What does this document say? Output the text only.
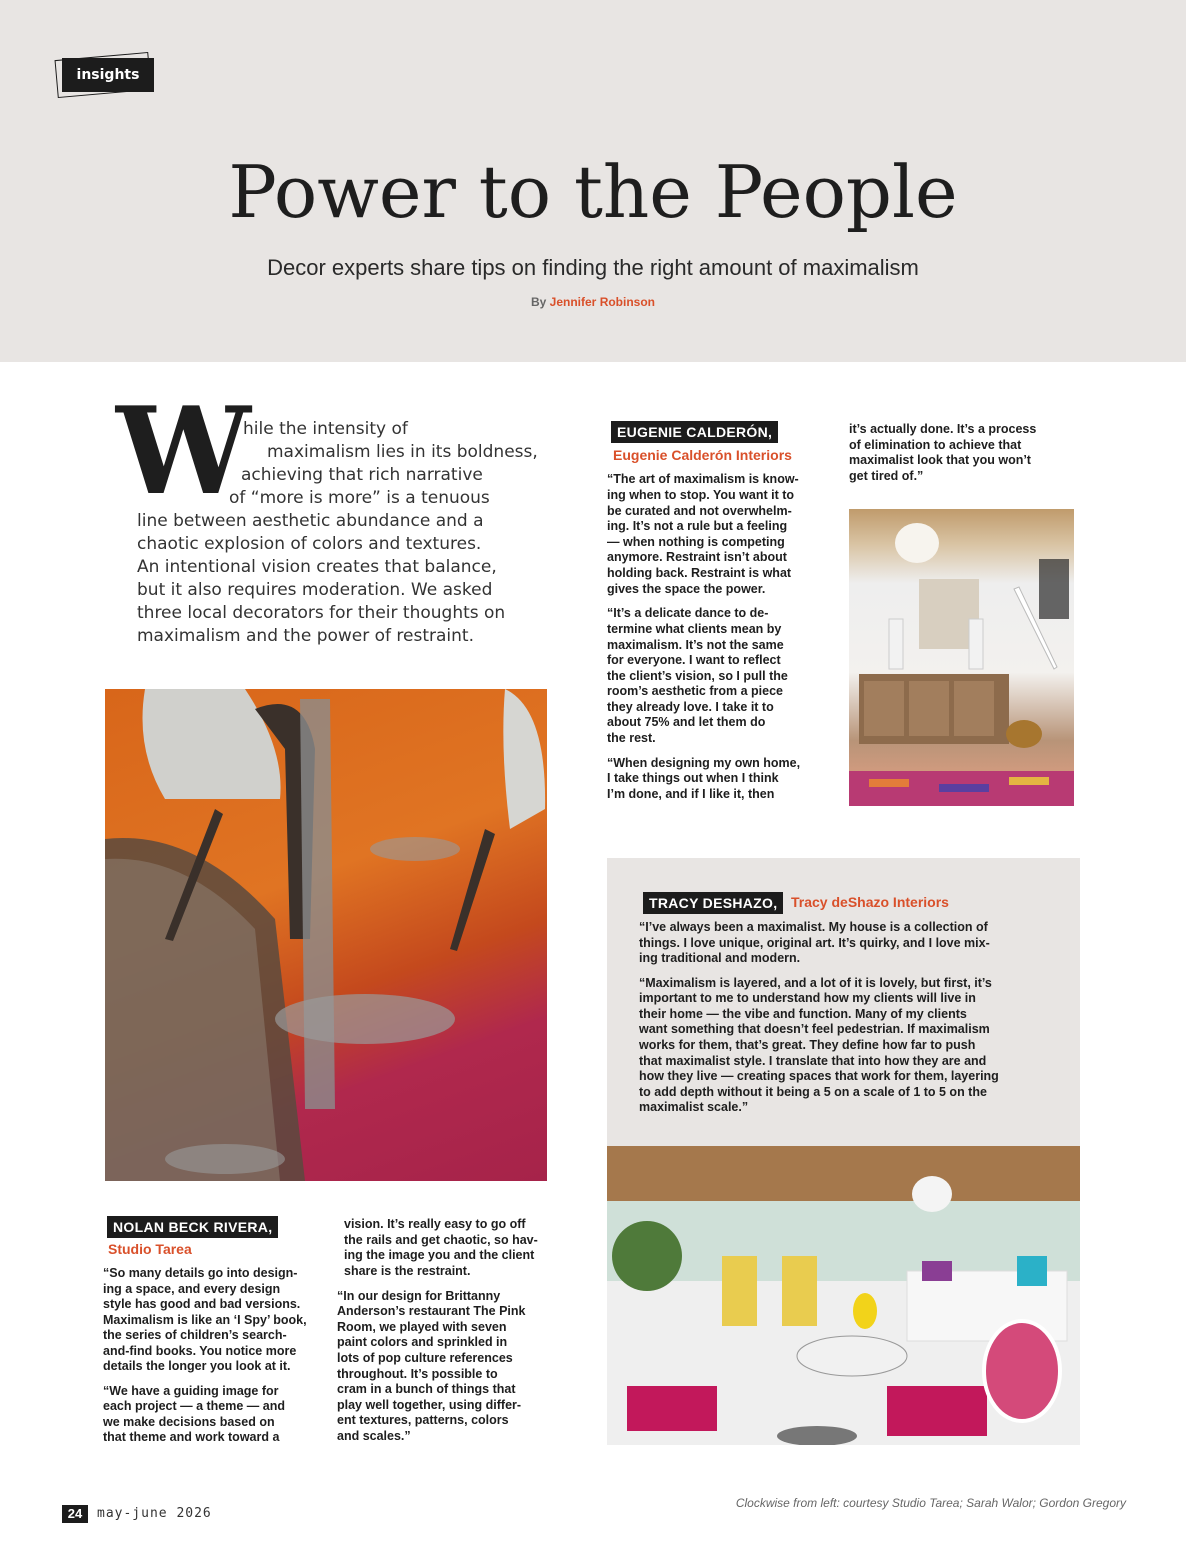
insights
Power to the People

Decor experts share tips on finding the right amount of maximalism

By Jennifer Robinson
W
hile the intensity of
maximalism lies in its boldness,
achieving that rich narrative
of “more is more” is a tenuous
line between aesthetic abundance and a
chaotic explosion of colors and textures.
An intentional vision creates that balance,
but it also requires moderation. We asked
three local decorators for their thoughts on
maximalism and the power of restraint.
EUGENIE CALDERÓN,
Eugenie Calderón Interiors
“The art of maximalism is know-
ing when to stop. You want it to
be curated and not overwhelm-
ing. It’s not a rule but a feeling
— when nothing is competing
anymore. Restraint isn’t about
holding back. Restraint is what
gives the space the power.
“It’s a delicate dance to de-
termine what clients mean by
maximalism. It’s not the same
for everyone. I want to reflect
the client’s vision, so I pull the
room’s aesthetic from a piece
they already love. I take it to
about 75% and let them do
the rest.
“When designing my own home,
I take things out when I think
I’m done, and if I like it, then
it’s actually done. It’s a process
of elimination to achieve that
maximalist look that you won’t
get tired of.”
TRACY DESHAZO, Tracy deShazo Interiors
“I’ve always been a maximalist. My house is a collection of
things. I love unique, original art. It’s quirky, and I love mix-
ing traditional and modern.
“Maximalism is layered, and a lot of it is lovely, but first, it’s
important to me to understand how my clients will live in
their home — the vibe and function. Many of my clients
want something that doesn’t feel pedestrian. If maximalism
works for them, that’s great. They define how far to push
that maximalist style. I translate that into how they are and
how they live — creating spaces that work for them, layering
to add depth without it being a 5 on a scale of 1 to 5 on the
maximalist scale.”
NOLAN BECK RIVERA,
Studio Tarea
“So many details go into design-
ing a space, and every design
style has good and bad versions.
Maximalism is like an ‘I Spy’ book,
the series of children’s search-
and-find books. You notice more
details the longer you look at it.
“We have a guiding image for
each project — a theme — and
we make decisions based on
that theme and work toward a
vision. It’s really easy to go off
the rails and get chaotic, so hav-
ing the image you and the client
share is the restraint.
“In our design for Brittanny
Anderson’s restaurant The Pink
Room, we played with seven
paint colors and sprinkled in
lots of pop culture references
throughout. It’s possible to
cram in a bunch of things that
play well together, using differ-
ent textures, patterns, colors
and scales.”
24	may-june 2026
Clockwise from left: courtesy Studio Tarea; Sarah Walor; Gordon Gregory
